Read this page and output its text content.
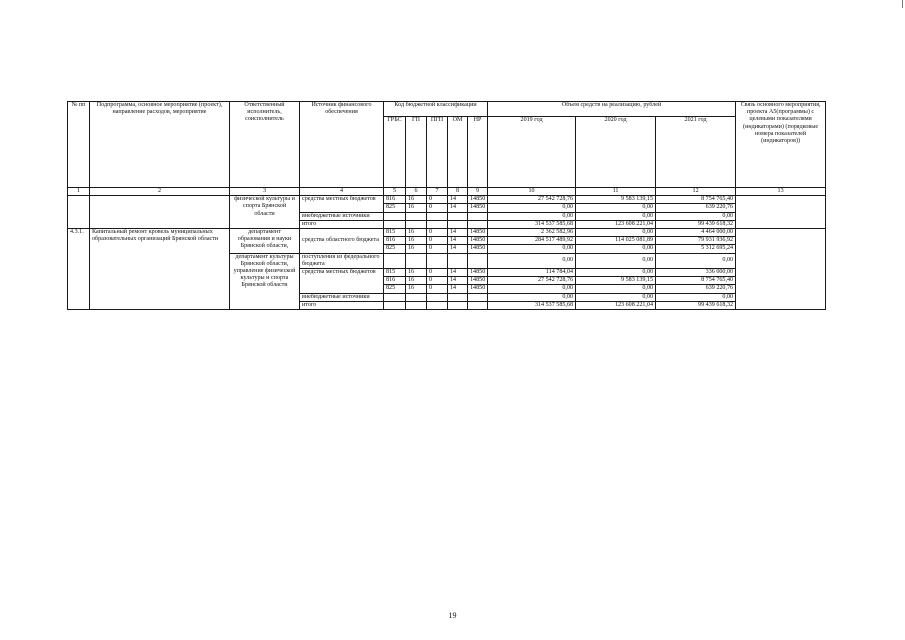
№ пп	Подпрограмма, основное мероприятие (проект), направление расходов, мероприятие	Ответственный исполнитель, соисполнитель	Источник финансового обеспечения	Код бюджетной классификации					Объем средств на реализацию, рублей			Связь основного мероприятия, проекта А5(программы) с целевыми показателями (индикаторами) (порядковые номера показателей (индикаторов))
				ГРБС	ГП	ПГП	ОМ	НР	2019 год	2020 год	2021 год	
1	2	3	4	5	6	7	8	9	10	11	12	13
		физической культуры и спорта Брянской области	средства местных бюджетов	816	16	0	14	14850	27 542 728,76	9 583 139,15	8 754 765,40	
				825	16	0	14	14850	0,00	0,00	639 220,76	
			внебюджетные источники						0,00	0,00	0,00	
			итого						314 537 585,68	123 608 221,04	99 439 618,32	
4.3.1.	Капитальный ремонт кровель муниципальных образовательных организаций Брянской области	департамент образования и науки Брянской области,	средства областного бюджета	815	16	0	14	14850	2 362 582,96	0,00	4 464 000,00	
				816	16	0	14	14850	284 517 489,92	114 025 081,89	79 931 936,92	
				825	16	0	14	14850	0,00	0,00	5 312 695,24	
		департамент культуры Брянской области, управление физической культуры и спорта Брянской области	поступления из федерального бюджета						0,00	0,00	0,00	
			средства местных бюджетов	815	16	0	14	14850	114 784,04	0,00	336 000,00	
				816	16	0	14	14850	27 542 728,76	9 583 139,15	8 754 765,40	
				825	16	0	14	14850	0,00	0,00	639 220,76	
			внебюджетные источники						0,00	0,00	0,00	
			итого						314 537 585,68	123 608 221,04	99 439 618,32	
19
